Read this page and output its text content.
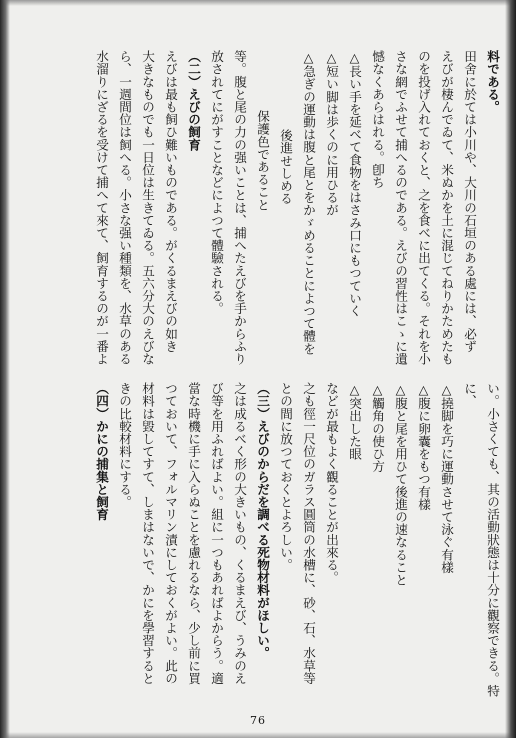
料である。
田舍に於ては小川や、大川の石垣のある處には、必ず
えびが棲んでゐて、米ぬかを土に混じてねりかためたも
のを投げ入れておくと、之を食べに出てくる。それを小
さな網でふせて捕へるのである。えびの習性はこゝに遺
憾なくあらはれる。卽ち
△長い手を延べて食物をはさみ口にもつていく
△短い脚は歩くのに用ひるが
△急ぎの運動は腹と尾とをかゞめることによつて體を
後進せしめる
保護色であること
等。腹と尾の力の强いことは、捕へたえびを手からふり
放されてにがすことなどによつて體驗される。
（二）えびの飼育
えびは最も飼ひ難いものである。がくるまえびの如き
大きなものでも一日位は生きてゐる。五六分大のえびな
ら、一週間位は飼へる。小さな强い種類を、水草のある
水溜りにざるを受けて捕へて來て、飼育するのが一番よ
い。小さくても、其の活動狀態は十分に觀察できる。特
に、
△撓脚を巧に運動させて泳ぐ有樣
△腹に卵囊をもつ有樣
△腹と尾を用ひて後進の速なること
△觸角の使ひ方
△突出した眼
などが最もよく觀ることが出來る。
之も徑一尺位のガラス圓筒の水槽に、砂、石、水草等
との間に放つておくとよろしい。
（三）えびのからだを調べる死物材料がほしい。
之は成るべく形の大きいもの、くるまえび、うみのえ
び等を用ふればよい。組に一つもあればよからう。適
當な時機に手に入らぬことを慮れるなら、少し前に買
つておいて、フォルマリン漬にしておくがよい。此の
材料は毀してすて、しまはないで、かにを學習すると
きの比較材料にする。
（四）かにの捕集と飼育
76
